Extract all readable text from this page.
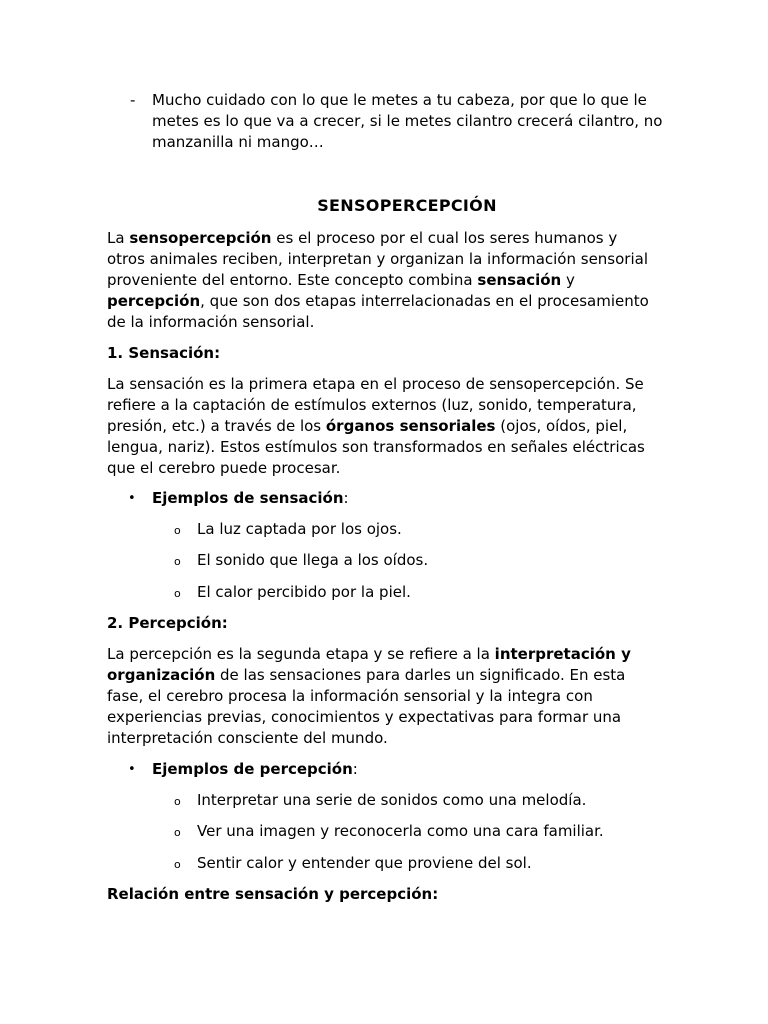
- Mucho cuidado con lo que le metes a tu cabeza, por que lo que le metes es lo que va a crecer, si le metes cilantro crecerá cilantro, no manzanilla ni mango…
SENSOPERCEPCIÓN

La sensopercepción es el proceso por el cual los seres humanos y otros animales reciben, interpretan y organizan la información sensorial proveniente del entorno. Este concepto combina sensación y percepción, que son dos etapas interrelacionadas en el procesamiento de la información sensorial.

1. Sensación:

La sensación es la primera etapa en el proceso de sensopercepción. Se refiere a la captación de estímulos externos (luz, sonido, temperatura, presión, etc.) a través de los órganos sensoriales (ojos, oídos, piel, lengua, nariz). Estos estímulos son transformados en señales eléctricas que el cerebro puede procesar.

• Ejemplos de sensación:
o La luz captada por los ojos.
o El sonido que llega a los oídos.
o El calor percibido por la piel.
2. Percepción:

La percepción es la segunda etapa y se refiere a la interpretación y organización de las sensaciones para darles un significado. En esta fase, el cerebro procesa la información sensorial y la integra con experiencias previas, conocimientos y expectativas para formar una interpretación consciente del mundo.

• Ejemplos de percepción:
o Interpretar una serie de sonidos como una melodía.
o Ver una imagen y reconocerla como una cara familiar.
o Sentir calor y entender que proviene del sol.
Relación entre sensación y percepción:
